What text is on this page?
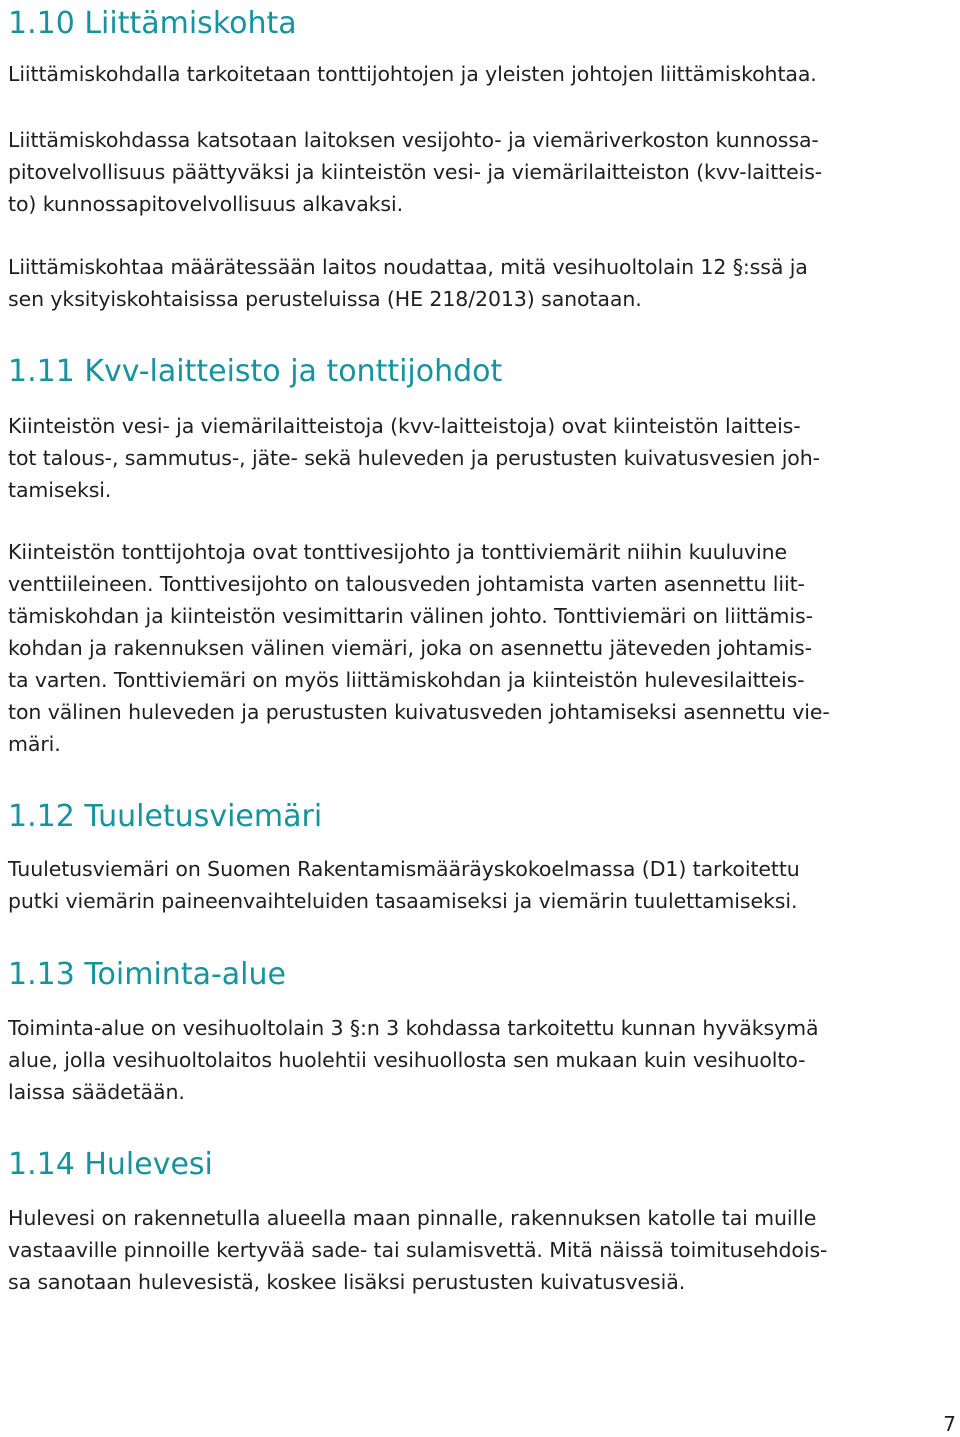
1.10 Liittämiskohta

Liittämiskohdalla tarkoitetaan tonttijohtojen ja yleisten johtojen liittämiskohtaa.

Liittämiskohdassa katsotaan laitoksen vesijohto- ja viemäriverkoston kunnossa-
pitovelvollisuus päättyväksi ja kiinteistön vesi- ja viemärilaitteiston (kvv-laitteis-
to) kunnossapitovelvollisuus alkavaksi.

Liittämiskohtaa määrätessään laitos noudattaa, mitä vesihuoltolain 12 §:ssä ja
sen yksityiskohtaisissa perusteluissa (HE 218/2013) sanotaan.

1.11 Kvv-laitteisto ja tonttijohdot

Kiinteistön vesi- ja viemärilaitteistoja (kvv-laitteistoja) ovat kiinteistön laitteis-
tot talous-, sammutus-, jäte- sekä huleveden ja perustusten kuivatusvesien joh-
tamiseksi.

Kiinteistön tonttijohtoja ovat tonttivesijohto ja tonttiviemärit niihin kuuluvine
venttiileineen. Tonttivesijohto on talousveden johtamista varten asennettu liit-
tämiskohdan ja kiinteistön vesimittarin välinen johto. Tonttiviemäri on liittämis-
kohdan ja rakennuksen välinen viemäri, joka on asennettu jäteveden johtamis-
ta varten. Tonttiviemäri on myös liittämiskohdan ja kiinteistön hulevesilaitteis-
ton välinen huleveden ja perustusten kuivatusveden johtamiseksi asennettu vie-
märi.

1.12 Tuuletusviemäri

Tuuletusviemäri on Suomen Rakentamismääräyskokoelmassa (D1) tarkoitettu
putki viemärin paineenvaihteluiden tasaamiseksi ja viemärin tuulettamiseksi.

1.13 Toiminta-alue

Toiminta-alue on vesihuoltolain 3 §:n 3 kohdassa tarkoitettu kunnan hyväksymä
alue, jolla vesihuoltolaitos huolehtii vesihuollosta sen mukaan kuin vesihuolto-
laissa säädetään.

1.14 Hulevesi

Hulevesi on rakennetulla alueella maan pinnalle, rakennuksen katolle tai muille
vastaaville pinnoille kertyvää sade- tai sulamisvettä. Mitä näissä toimitusehdois-
sa sanotaan hulevesistä, koskee lisäksi perustusten kuivatusvesiä.

7
